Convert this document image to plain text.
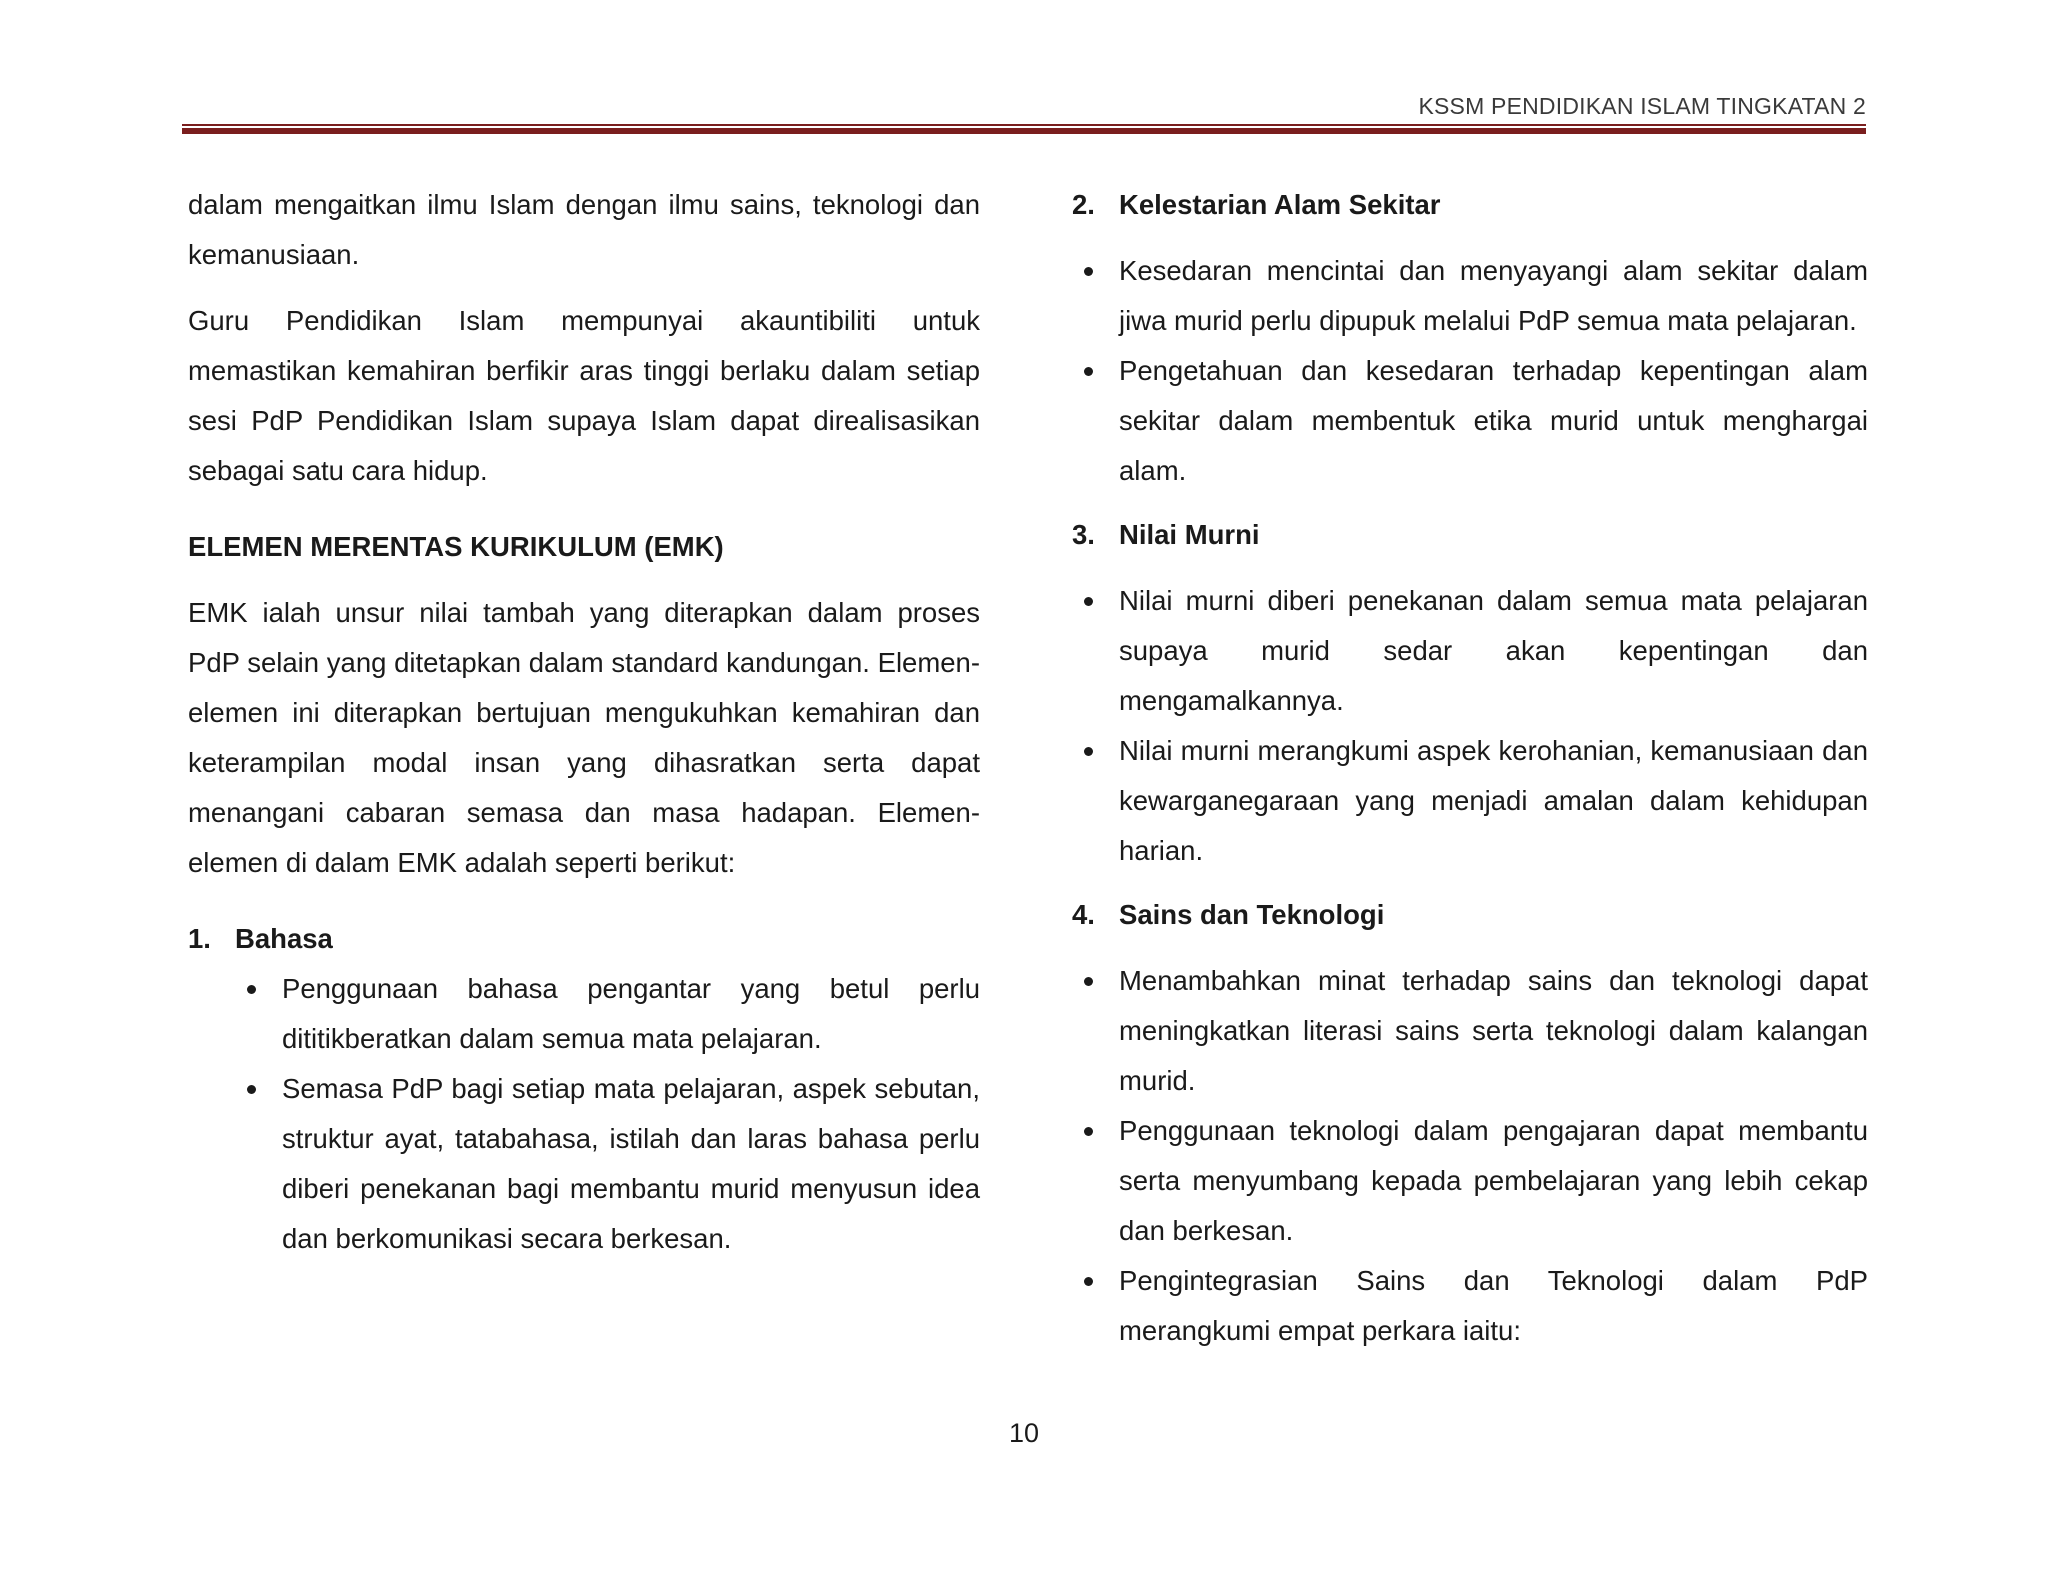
KSSM PENDIDIKAN ISLAM TINGKATAN 2

dalam mengaitkan ilmu Islam dengan ilmu sains, teknologi dan kemanusiaan.

Guru Pendidikan Islam mempunyai akauntibiliti untuk memastikan kemahiran berfikir aras tinggi berlaku dalam setiap sesi PdP Pendidikan Islam supaya Islam dapat direalisasikan sebagai satu cara hidup.

ELEMEN MERENTAS KURIKULUM (EMK)

EMK ialah unsur nilai tambah yang diterapkan dalam proses PdP selain yang ditetapkan dalam standard kandungan. Elemen-elemen ini diterapkan bertujuan mengukuhkan kemahiran dan keterampilan modal insan yang dihasratkan serta dapat menangani cabaran semasa dan masa hadapan. Elemen-elemen di dalam EMK adalah seperti berikut:

1. Bahasa
Penggunaan bahasa pengantar yang betul perlu dititikberatkan dalam semua mata pelajaran.
Semasa PdP bagi setiap mata pelajaran, aspek sebutan, struktur ayat, tatabahasa, istilah dan laras bahasa perlu diberi penekanan bagi membantu murid menyusun idea dan berkomunikasi secara berkesan.
2. Kelestarian Alam Sekitar
Kesedaran mencintai dan menyayangi alam sekitar dalam jiwa murid perlu dipupuk melalui PdP semua mata pelajaran.
Pengetahuan dan kesedaran terhadap kepentingan alam sekitar dalam membentuk etika murid untuk menghargai alam.
3. Nilai Murni
Nilai murni diberi penekanan dalam semua mata pelajaran supaya murid sedar akan kepentingan dan mengamalkannya.
Nilai murni merangkumi aspek kerohanian, kemanusiaan dan kewarganegaraan yang menjadi amalan dalam kehidupan harian.
4. Sains dan Teknologi
Menambahkan minat terhadap sains dan teknologi dapat meningkatkan literasi sains serta teknologi dalam kalangan murid.
Penggunaan teknologi dalam pengajaran dapat membantu serta menyumbang kepada pembelajaran yang lebih cekap dan berkesan.
Pengintegrasian Sains dan Teknologi dalam PdP merangkumi empat perkara iaitu:
10
